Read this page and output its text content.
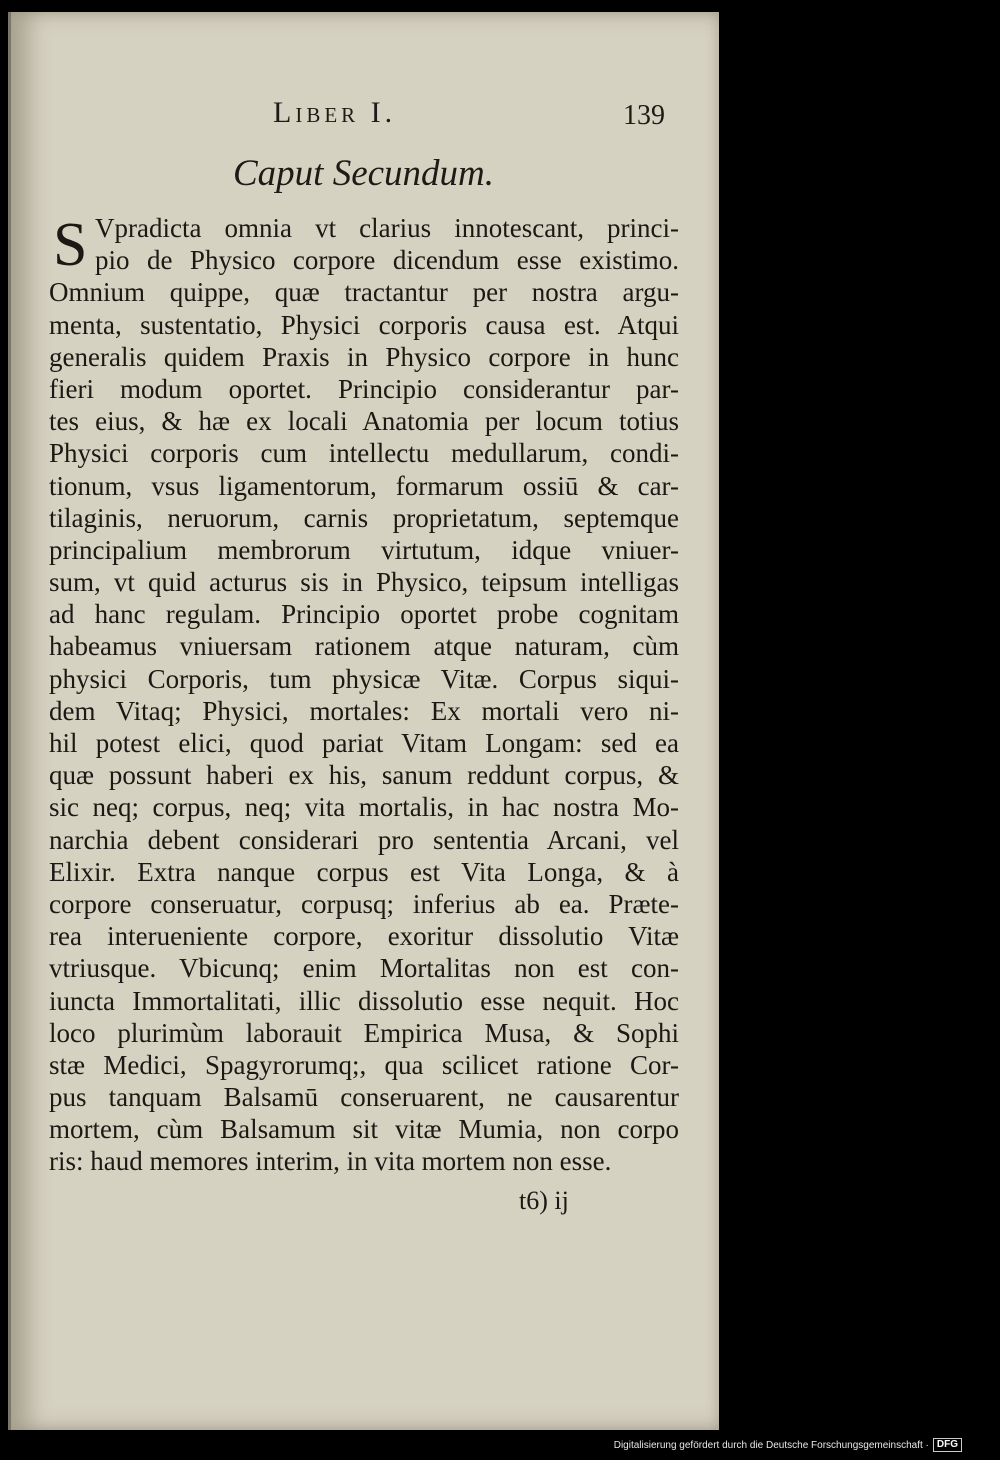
Liber I.	139
Caput Secundum.
S Vpradicta omnia vt clarius innotescant, princi-
pio de Physico corpore dicendum esse existimo.
Omnium quippe, quæ tractantur per nostra argu-
menta, sustentatio, Physici corporis causa est. Atqui
generalis quidem Praxis in Physico corpore in hunc
fieri modum oportet. Principio considerantur par-
tes eius, & hæ ex locali Anatomia per locum totius
Physici corporis cum intellectu medullarum, condi-
tionum, vsus ligamentorum, formarum ossiū & car-
tilaginis, neruorum, carnis proprietatum, septemque
principalium membrorum virtutum, idque vniuer-
sum, vt quid acturus sis in Physico, teipsum intelligas
ad hanc regulam. Principio oportet probe cognitam
habeamus vniuersam rationem atque naturam, cùm
physici Corporis, tum physicæ Vitæ. Corpus siqui-
dem Vitaq; Physici, mortales: Ex mortali vero ni-
hil potest elici, quod pariat Vitam Longam: sed ea
quæ possunt haberi ex his, sanum reddunt corpus, &
sic neq; corpus, neq; vita mortalis, in hac nostra Mo-
narchia debent considerari pro sententia Arcani, vel
Elixir. Extra nanque corpus est Vita Longa, & à
corpore conseruatur, corpusq; inferius ab ea. Præte-
rea interueniente corpore, exoritur dissolutio Vitæ
vtriusque. Vbicunq; enim Mortalitas non est con-
iuncta Immortalitati, illic dissolutio esse nequit. Hoc
loco plurimùm laborauit Empirica Musa, & Sophi
stæ Medici, Spagyrorumq;, qua scilicet ratione Cor-
pus tanquam Balsamū conseruarent, ne causarentur
mortem, cùm Balsamum sit vitæ Mumia, non corpo
ris: haud memores interim, in vita mortem non esse.
t6) ij
Digitalisierung gefördert durch die Deutsche Forschungsgemeinschaft · DFG
